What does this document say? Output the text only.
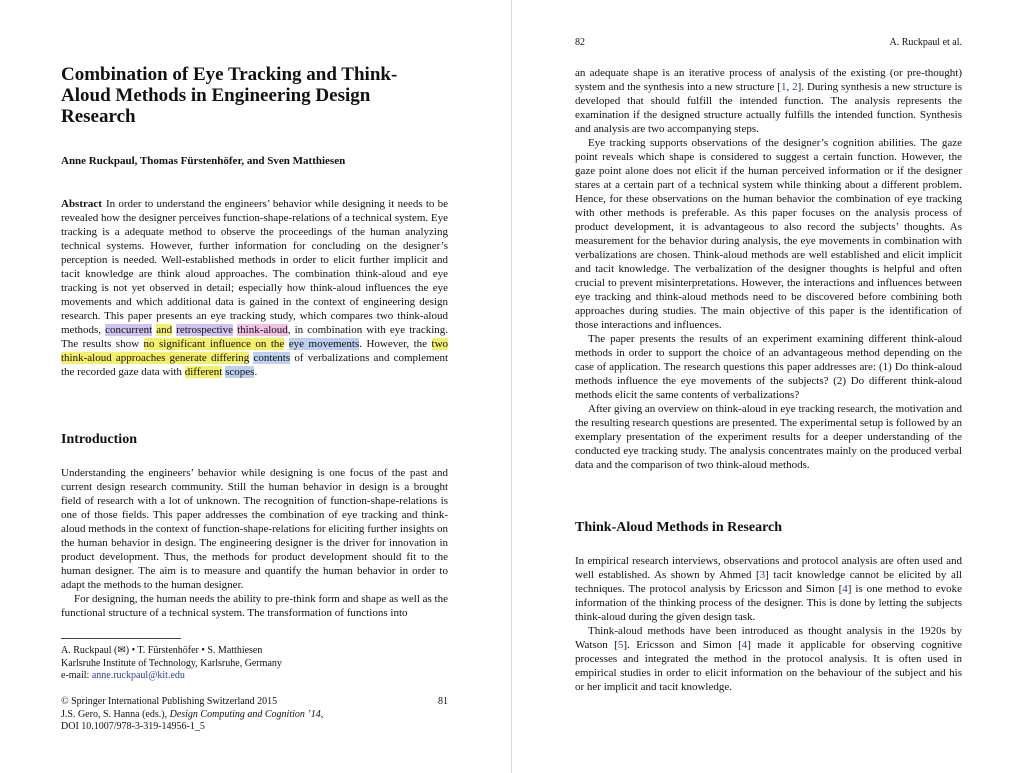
Combination of Eye Tracking and Think-Aloud Methods in Engineering Design Research
Anne Ruckpaul, Thomas Fürstenhöfer, and Sven Matthiesen

Abstract In order to understand the engineers’ behavior while designing it needs to be revealed how the designer perceives function-shape-relations of a technical system. Eye tracking is a adequate method to observe the proceedings of the human analyzing technical systems. However, further information for concluding on the designer’s perception is needed. Well-established methods in order to elicit further implicit and tacit knowledge are think aloud approaches. The combination think-aloud and eye tracking is not yet observed in detail; especially how think-aloud influences the eye movements and which additional data is gained in the context of engineering design research. This paper presents an eye tracking study, which compares two think-aloud methods, concurrent and retrospective think-aloud, in combination with eye tracking. The results show no significant influence on the eye movements. However, the two think-aloud approaches generate differing contents of verbalizations and complement the recorded gaze data with different scopes.

Introduction

Understanding the engineers’ behavior while designing is one focus of the past and current design research community. Still the human behavior in design is a brought field of research with a lot of unknown. The recognition of function-shape-relations is one of those fields. This paper addresses the combination of eye tracking and think-aloud methods in the context of function-shape-relations for eliciting further insights on the human behavior in design. The engineering designer is the driver for innovation in product development. Thus, the methods for product development should fit to the human designer. The aim is to measure and quantify the human behavior in order to adapt the methods to the human designer.

For designing, the human needs the ability to pre-think form and shape as well as the functional structure of a technical system. The transformation of functions into

A. Ruckpaul (✉) • T. Fürstenhöfer • S. Matthiesen
Karlsruhe Institute of Technology, Karlsruhe, Germany
e-mail: anne.ruckpaul@kit.edu
© Springer International Publishing Switzerland 2015	81
J.S. Gero, S. Hanna (eds.), Design Computing and Cognition ’14,
DOI 10.1007/978-3-319-14956-1_5
82	A. Ruckpaul et al.

an adequate shape is an iterative process of analysis of the existing (or pre-thought) system and the synthesis into a new structure [1, 2]. During synthesis a new structure is developed that should fulfill the intended function. The analysis represents the examination if the designed structure actually fulfills the intended function. Synthesis and analysis are two accompanying steps.

Eye tracking supports observations of the designer’s cognition abilities. The gaze point reveals which shape is considered to suggest a certain function. However, the gaze point alone does not elicit if the human perceived information or if the designer stares at a certain part of a technical system while thinking about a different problem. Hence, for these observations on the human behavior the combination of eye tracking with other methods is preferable. As this paper focuses on the analysis process of product development, it is advantageous to also record the subjects’ thoughts. As measurement for the behavior during analysis, the eye movements in combination with verbalizations are chosen. Think-aloud methods are well established and elicit implicit and tacit knowledge. The verbalization of the designer thoughts is helpful and often crucial to prevent misinterpretations. However, the interactions and influences between eye tracking and think-aloud methods need to be discovered before combining both approaches during studies. The main objective of this paper is the identification of those interactions and influences.

The paper presents the results of an experiment examining different think-aloud methods in order to support the choice of an advantageous method depending on the case of application. The research questions this paper addresses are: (1) Do think-aloud methods influence the eye movements of the subjects? (2) Do different think-aloud methods elicit the same contents of verbalizations?

After giving an overview on think-aloud in eye tracking research, the motivation and the resulting research questions are presented. The experimental setup is followed by an exemplary presentation of the experiment results for a deeper understanding of the conducted eye tracking study. The analysis concentrates mainly on the produced verbal data and the comparison of two think-aloud methods.

Think-Aloud Methods in Research

In empirical research interviews, observations and protocol analysis are often used and well established. As shown by Ahmed [3] tacit knowledge cannot be elicited by all techniques. The protocol analysis by Ericsson and Simon [4] is one method to evoke information of the thinking process of the designer. This is done by letting the subjects think-aloud during the given design task.

Think-aloud methods have been introduced as thought analysis in the 1920s by Watson [5]. Ericsson and Simon [4] made it applicable for observing cognitive processes and integrated the method in the protocol analysis. It is often used in empirical studies in order to elicit information on the behaviour of the subject and his or her implicit and tacit knowledge.
